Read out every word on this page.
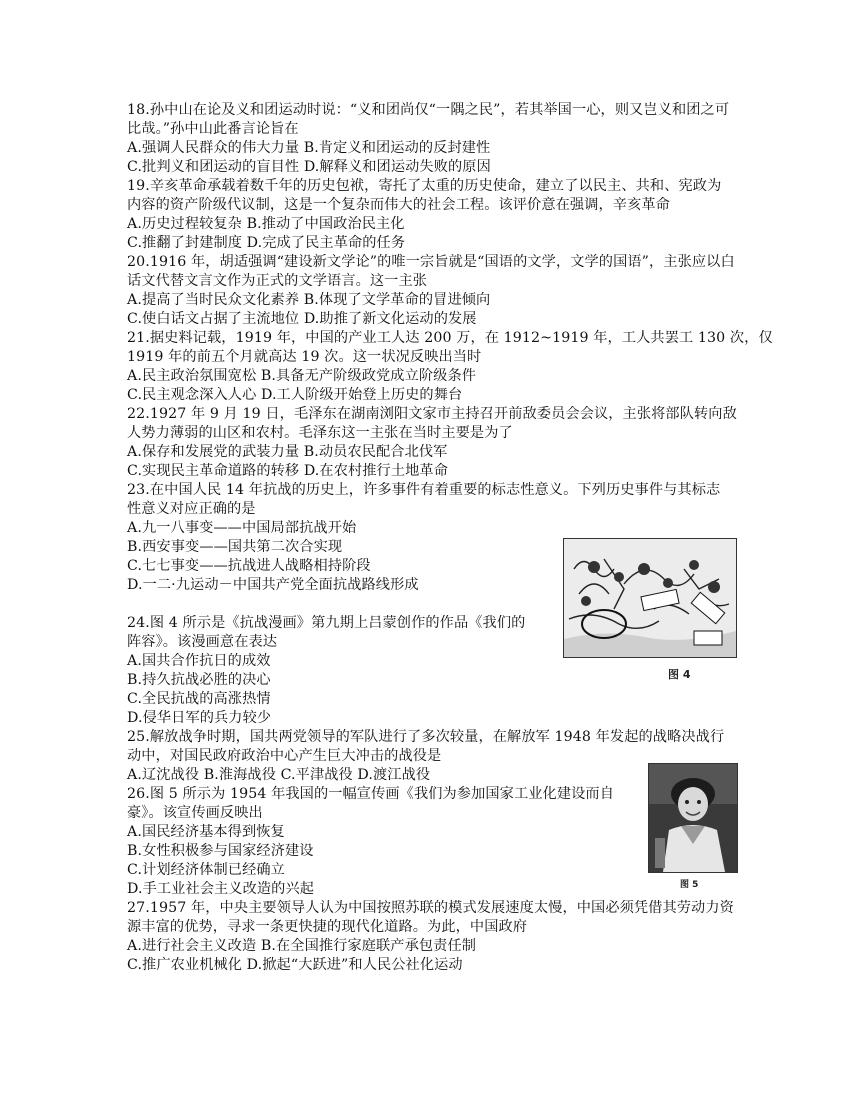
18.孙中山在论及义和团运动时说：“义和团尚仅“一隅之民”，若其举国一心，则又岂义和团之可
比哉。”孙中山此番言论旨在
A.强调人民群众的伟大力量 B.肯定义和团运动的反封建性
C.批判义和团运动的盲目性 D.解释义和团运动失败的原因
19.辛亥革命承载着数千年的历史包袱，寄托了太重的历史使命，建立了以民主、共和、宪政为
内容的资产阶级代议制，这是一个复杂而伟大的社会工程。该评价意在强调，辛亥革命
A.历史过程较复杂 B.推动了中国政治民主化
C.推翻了封建制度 D.完成了民主革命的任务
20.1916 年，胡适强调“建设新文学论”的唯一宗旨就是“国语的文学，文学的国语”，主张应以白
话文代替文言文作为正式的文学语言。这一主张
A.提高了当时民众文化素养 B.体现了文学革命的冒进倾向
C.使白话文占据了主流地位 D.助推了新文化运动的发展
21.据史料记载，1919 年，中国的产业工人达 200 万，在 1912~1919 年，工人共罢工 130 次，仅
1919 年的前五个月就高达 19 次。这一状况反映出当时
A.民主政治氛围宽松 B.具备无产阶级政党成立阶级条件
C.民主观念深入人心 D.工人阶级开始登上历史的舞台
22.1927 年 9 月 19 日，毛泽东在湖南浏阳文家市主持召开前敌委员会会议，主张将部队转向敌
人势力薄弱的山区和农村。毛泽东这一主张在当时主要是为了
A.保存和发展党的武装力量 B.动员农民配合北伐军
C.实现民主革命道路的转移 D.在农村推行土地革命
23.在中国人民 14 年抗战的历史上，许多事件有着重要的标志性意义。下列历史事件与其标志
性意义对应正确的是
A.九一八事变——中国局部抗战开始
B.西安事变——国共第二次合实现
C.七七事变——抗战进人战略相持阶段
D.一二·九运动－中国共产党全面抗战路线形成
图 4
24.图 4 所示是《抗战漫画》第九期上吕蒙创作的作品《我们的
阵容》。该漫画意在表达
A.国共合作抗日的成效
B.持久抗战必胜的决心
C.全民抗战的高涨热情
D.侵华日军的兵力较少
25.解放战争时期，国共两党领导的军队进行了多次较量，在解放军 1948 年发起的战略决战行
动中，对国民政府政治中心产生巨大冲击的战役是
A.辽沈战役 B.淮海战役 C.平津战役 D.渡江战役
图 5
26.图 5 所示为 1954 年我国的一幅宣传画《我们为参加国家工业化建设而自
豪》。该宣传画反映出
A.国民经济基本得到恢复
B.女性积极参与国家经济建设
C.计划经济体制已经确立
D.手工业社会主义改造的兴起
27.1957 年，中央主要领导人认为中国按照苏联的模式发展速度太慢，中国必须凭借其劳动力资
源丰富的优势，寻求一条更快捷的现代化道路。为此，中国政府
A.进行社会主义改造 B.在全国推行家庭联产承包责任制
C.推广农业机械化 D.掀起“大跃进”和人民公社化运动
